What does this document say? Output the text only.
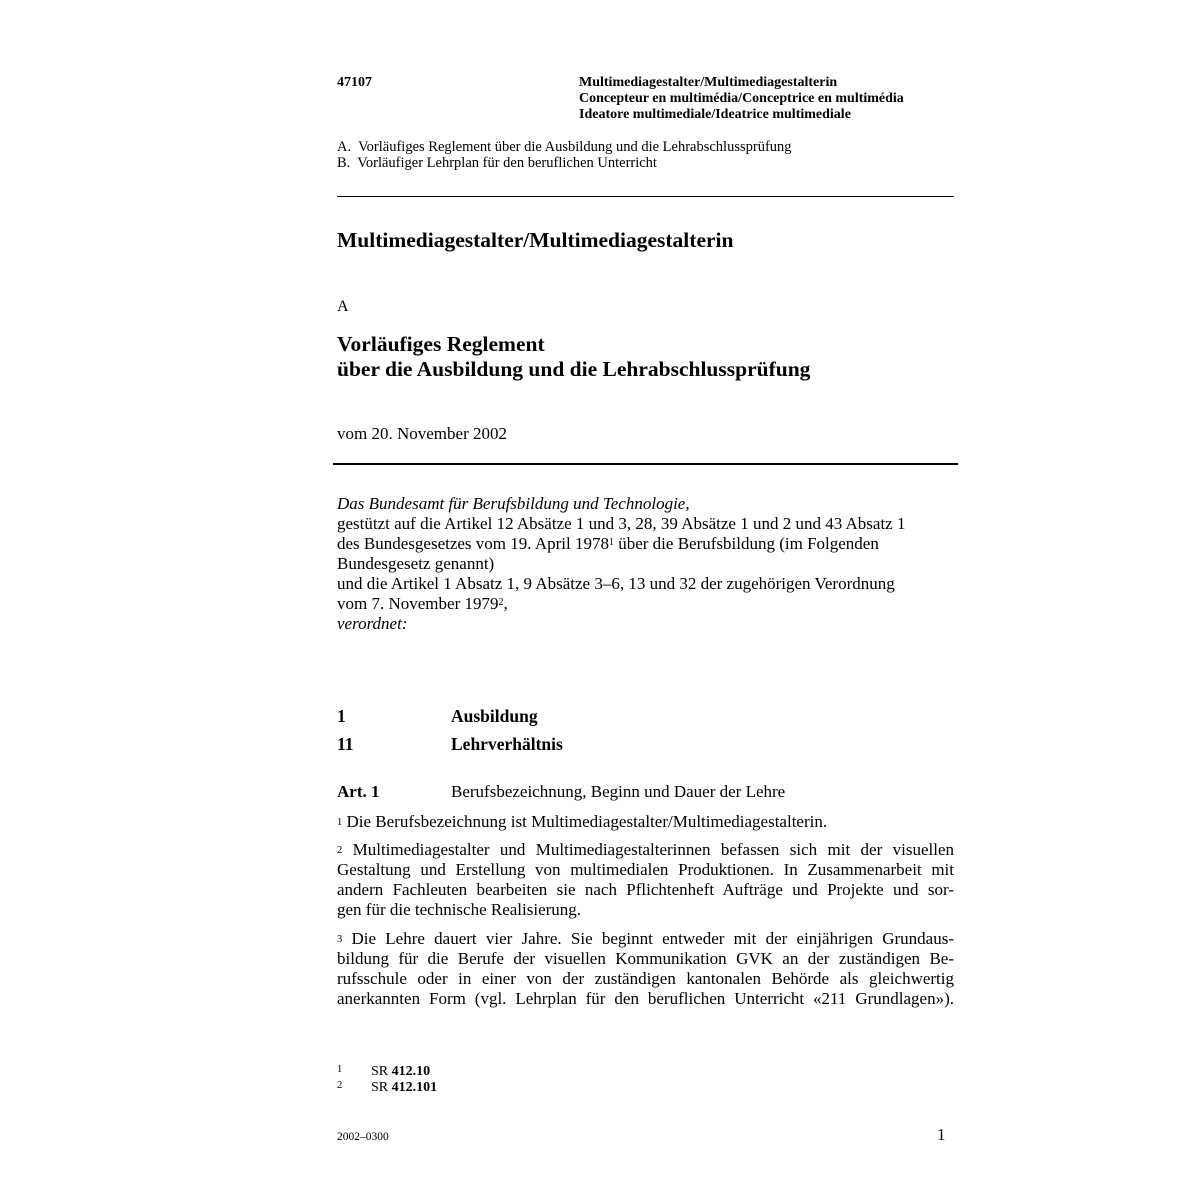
47107	Multimediagestalter/Multimediagestalterin
Concepteur en multimédia/Conceptrice en multimédia
Ideatore multimediale/Ideatrice multimediale
A.  Vorläufiges Reglement über die Ausbildung und die Lehrabschlussprüfung
B.  Vorläufiger Lehrplan für den beruflichen Unterricht
Multimediagestalter/Multimediagestalterin
A
Vorläufiges Reglement
über die Ausbildung und die Lehrabschlussprüfung
vom 20. November 2002
Das Bundesamt für Berufsbildung und Technologie,
gestützt auf die Artikel 12 Absätze 1 und 3, 28, 39 Absätze 1 und 2 und 43 Absatz 1
des Bundesgesetzes vom 19. April 1978$^1$ über die Berufsbildung (im Folgenden
Bundesgesetz genannt)
und die Artikel 1 Absatz 1, 9 Absätze 3–6, 13 und 32 der zugehörigen Verordnung
vom 7. November 1979$^2$,
verordnet:
1	Ausbildung
11	Lehrverhältnis
Art. 1	Berufsbezeichnung, Beginn und Dauer der Lehre
$^1$ Die Berufsbezeichnung ist Multimediagestalter/Multimediagestalterin.
$^2$ Multimediagestalter und Multimediagestalterinnen befassen sich mit der visuellen
Gestaltung und Erstellung von multimedialen Produktionen. In Zusammenarbeit mit
andern Fachleuten bearbeiten sie nach Pflichtenheft Aufträge und Projekte und sor-
gen für die technische Realisierung.
$^3$ Die Lehre dauert vier Jahre. Sie beginnt entweder mit der einjährigen Grundaus-
bildung für die Berufe der visuellen Kommunikation GVK an der zuständigen Be-
rufsschule oder in einer von der zuständigen kantonalen Behörde als gleichwertig
anerkannten Form (vgl. Lehrplan für den beruflichen Unterricht «211 Grundlagen»).
1 SR 412.10
2 SR 412.101
2002–0300	1
